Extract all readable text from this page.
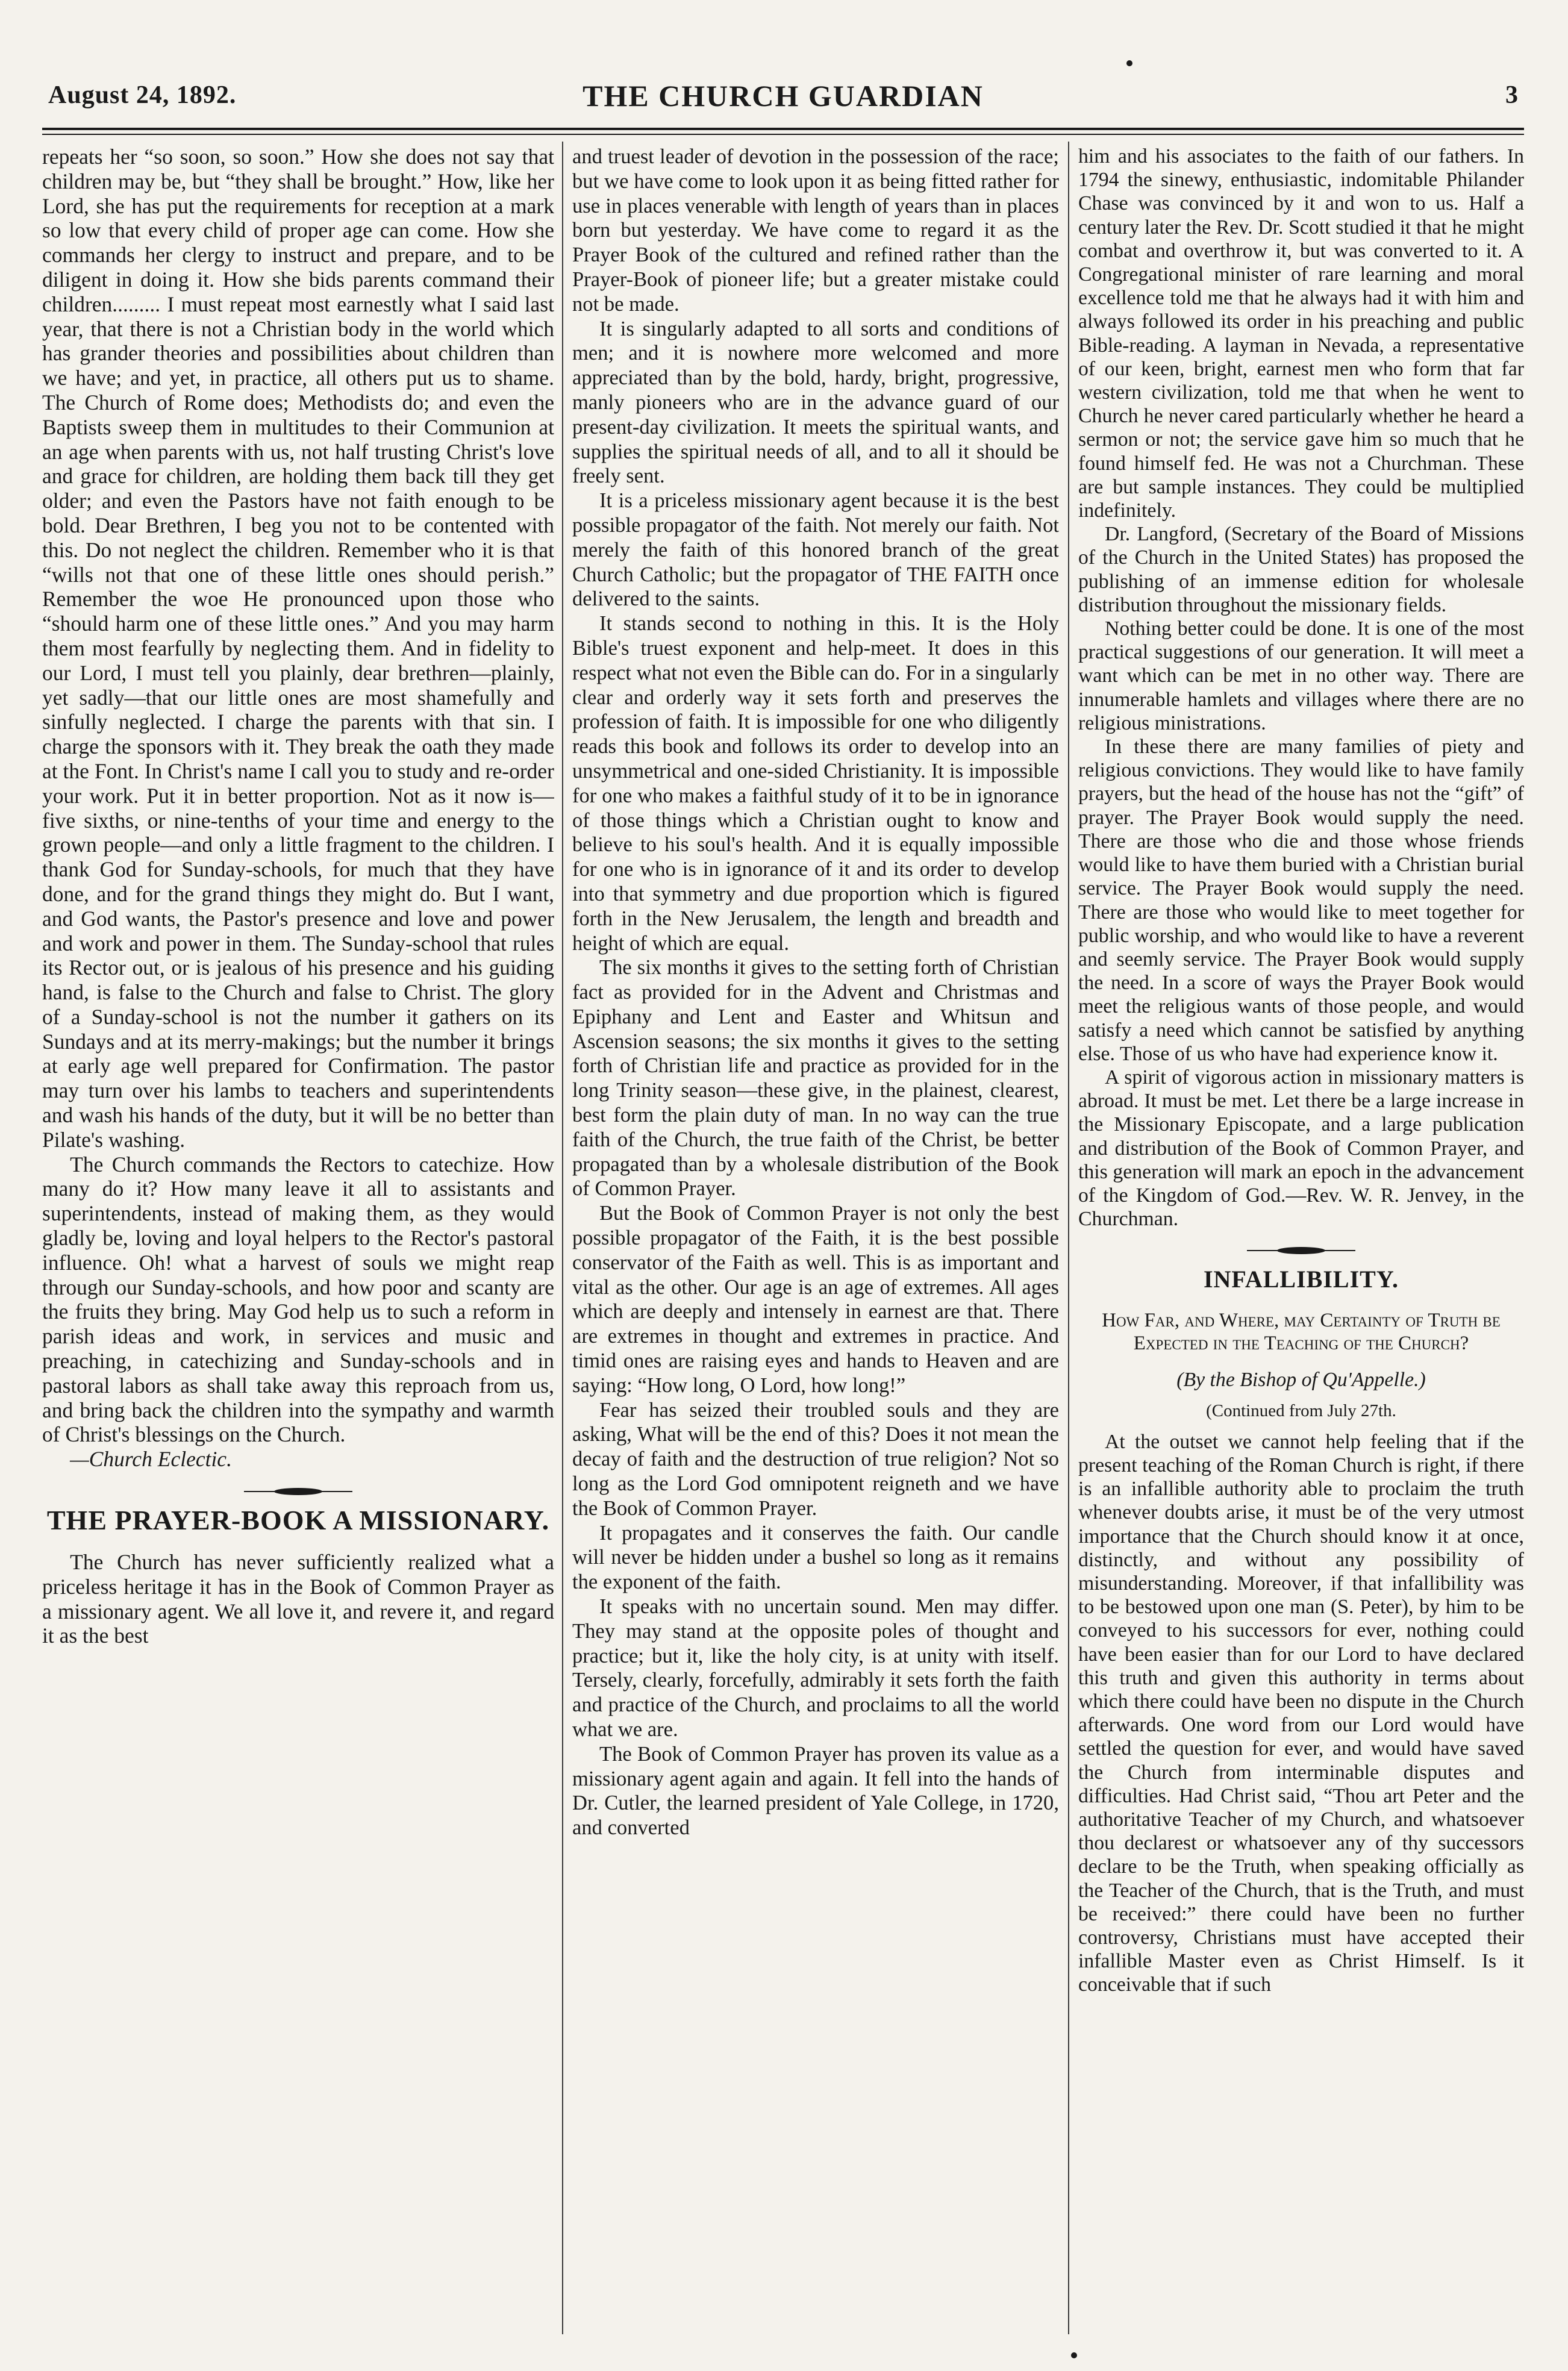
August 24, 1892.	THE CHURCH GUARDIAN	3

repeats her “so soon, so soon.” How she does not say that children may be, but “they shall be brought.” How, like her Lord, she has put the requirements for reception at a mark so low that every child of proper age can come. How she commands her clergy to instruct and prepare, and to be diligent in doing it. How she bids parents command their children......... I must repeat most earnestly what I said last year, that there is not a Christian body in the world which has grander theories and possibilities about children than we have; and yet, in practice, all others put us to shame. The Church of Rome does; Methodists do; and even the Baptists sweep them in multitudes to their Communion at an age when parents with us, not half trusting Christ's love and grace for children, are holding them back till they get older; and even the Pastors have not faith enough to be bold. Dear Brethren, I beg you not to be contented with this. Do not neglect the children. Remember who it is that “wills not that one of these little ones should perish.” Remember the woe He pronounced upon those who “should harm one of these little ones.” And you may harm them most fearfully by neglecting them. And in fidelity to our Lord, I must tell you plainly, dear brethren—plainly, yet sadly—that our little ones are most shamefully and sinfully neglected. I charge the parents with that sin. I charge the sponsors with it. They break the oath they made at the Font. In Christ's name I call you to study and re-order your work. Put it in better proportion. Not as it now is—five sixths, or nine-tenths of your time and energy to the grown people—and only a little fragment to the children. I thank God for Sunday-schools, for much that they have done, and for the grand things they might do. But I want, and God wants, the Pastor's presence and love and power and work and power in them. The Sunday-school that rules its Rector out, or is jealous of his presence and his guiding hand, is false to the Church and false to Christ. The glory of a Sunday-school is not the number it gathers on its Sundays and at its merry-makings; but the number it brings at early age well prepared for Confirmation. The pastor may turn over his lambs to teachers and superintendents and wash his hands of the duty, but it will be no better than Pilate's washing.

The Church commands the Rectors to catechize. How many do it? How many leave it all to assistants and superintendents, instead of making them, as they would gladly be, loving and loyal helpers to the Rector's pastoral influence. Oh! what a harvest of souls we might reap through our Sunday-schools, and how poor and scanty are the fruits they bring. May God help us to such a reform in parish ideas and work, in services and music and preaching, in catechizing and Sunday-schools and in pastoral labors as shall take away this reproach from us, and bring back the children into the sympathy and warmth of Christ's blessings on the Church.

—Church Eclectic.

THE PRAYER-BOOK A MISSIONARY.

The Church has never sufficiently realized what a priceless heritage it has in the Book of Common Prayer as a missionary agent. We all love it, and revere it, and regard it as the best

and truest leader of devotion in the possession of the race; but we have come to look upon it as being fitted rather for use in places venerable with length of years than in places born but yesterday. We have come to regard it as the Prayer Book of the cultured and refined rather than the Prayer-Book of pioneer life; but a greater mistake could not be made.

It is singularly adapted to all sorts and conditions of men; and it is nowhere more welcomed and more appreciated than by the bold, hardy, bright, progressive, manly pioneers who are in the advance guard of our present-day civilization. It meets the spiritual wants, and supplies the spiritual needs of all, and to all it should be freely sent.

It is a priceless missionary agent because it is the best possible propagator of the faith. Not merely our faith. Not merely the faith of this honored branch of the great Church Catholic; but the propagator of THE FAITH once delivered to the saints.

It stands second to nothing in this. It is the Holy Bible's truest exponent and help-meet. It does in this respect what not even the Bible can do. For in a singularly clear and orderly way it sets forth and preserves the profession of faith. It is impossible for one who diligently reads this book and follows its order to develop into an unsymmetrical and one-sided Christianity. It is impossible for one who makes a faithful study of it to be in ignorance of those things which a Christian ought to know and believe to his soul's health. And it is equally impossible for one who is in ignorance of it and its order to develop into that symmetry and due proportion which is figured forth in the New Jerusalem, the length and breadth and height of which are equal.

The six months it gives to the setting forth of Christian fact as provided for in the Advent and Christmas and Epiphany and Lent and Easter and Whitsun and Ascension seasons; the six months it gives to the setting forth of Christian life and practice as provided for in the long Trinity season—these give, in the plainest, clearest, best form the plain duty of man. In no way can the true faith of the Church, the true faith of the Christ, be better propagated than by a wholesale distribution of the Book of Common Prayer.

But the Book of Common Prayer is not only the best possible propagator of the Faith, it is the best possible conservator of the Faith as well. This is as important and vital as the other. Our age is an age of extremes. All ages which are deeply and intensely in earnest are that. There are extremes in thought and extremes in practice. And timid ones are raising eyes and hands to Heaven and are saying: “How long, O Lord, how long!”

Fear has seized their troubled souls and they are asking, What will be the end of this? Does it not mean the decay of faith and the destruction of true religion? Not so long as the Lord God omnipotent reigneth and we have the Book of Common Prayer.

It propagates and it conserves the faith. Our candle will never be hidden under a bushel so long as it remains the exponent of the faith.

It speaks with no uncertain sound. Men may differ. They may stand at the opposite poles of thought and practice; but it, like the holy city, is at unity with itself. Tersely, clearly, forcefully, admirably it sets forth the faith and practice of the Church, and proclaims to all the world what we are.

The Book of Common Prayer has proven its value as a missionary agent again and again. It fell into the hands of Dr. Cutler, the learned president of Yale College, in 1720, and converted

him and his associates to the faith of our fathers. In 1794 the sinewy, enthusiastic, indomitable Philander Chase was convinced by it and won to us. Half a century later the Rev. Dr. Scott studied it that he might combat and overthrow it, but was converted to it. A Congregational minister of rare learning and moral excellence told me that he always had it with him and always followed its order in his preaching and public Bible-reading. A layman in Nevada, a representative of our keen, bright, earnest men who form that far western civilization, told me that when he went to Church he never cared particularly whether he heard a sermon or not; the service gave him so much that he found himself fed. He was not a Churchman. These are but sample instances. They could be multiplied indefinitely.

Dr. Langford, (Secretary of the Board of Missions of the Church in the United States) has proposed the publishing of an immense edition for wholesale distribution throughout the missionary fields.

Nothing better could be done. It is one of the most practical suggestions of our generation. It will meet a want which can be met in no other way. There are innumerable hamlets and villages where there are no religious ministrations.

In these there are many families of piety and religious convictions. They would like to have family prayers, but the head of the house has not the “gift” of prayer. The Prayer Book would supply the need. There are those who die and those whose friends would like to have them buried with a Christian burial service. The Prayer Book would supply the need. There are those who would like to meet together for public worship, and who would like to have a reverent and seemly service. The Prayer Book would supply the need. In a score of ways the Prayer Book would meet the religious wants of those people, and would satisfy a need which cannot be satisfied by anything else. Those of us who have had experience know it.

A spirit of vigorous action in missionary matters is abroad. It must be met. Let there be a large increase in the Missionary Episcopate, and a large publication and distribution of the Book of Common Prayer, and this generation will mark an epoch in the advancement of the Kingdom of God.—Rev. W. R. Jenvey, in the Churchman.

INFALLIBILITY.
How Far, and Where, may Certainty of Truth be Expected in the Teaching of the Church?
(By the Bishop of Qu'Appelle.)
(Continued from July 27th.

At the outset we cannot help feeling that if the present teaching of the Roman Church is right, if there is an infallible authority able to proclaim the truth whenever doubts arise, it must be of the very utmost importance that the Church should know it at once, distinctly, and without any possibility of misunderstanding. Moreover, if that infallibility was to be bestowed upon one man (S. Peter), by him to be conveyed to his successors for ever, nothing could have been easier than for our Lord to have declared this truth and given this authority in terms about which there could have been no dispute in the Church afterwards. One word from our Lord would have settled the question for ever, and would have saved the Church from interminable disputes and difficulties. Had Christ said, “Thou art Peter and the authoritative Teacher of my Church, and whatsoever thou declarest or whatsoever any of thy successors declare to be the Truth, when speaking officially as the Teacher of the Church, that is the Truth, and must be received:” there could have been no further controversy, Christians must have accepted their infallible Master even as Christ Himself. Is it conceivable that if such
